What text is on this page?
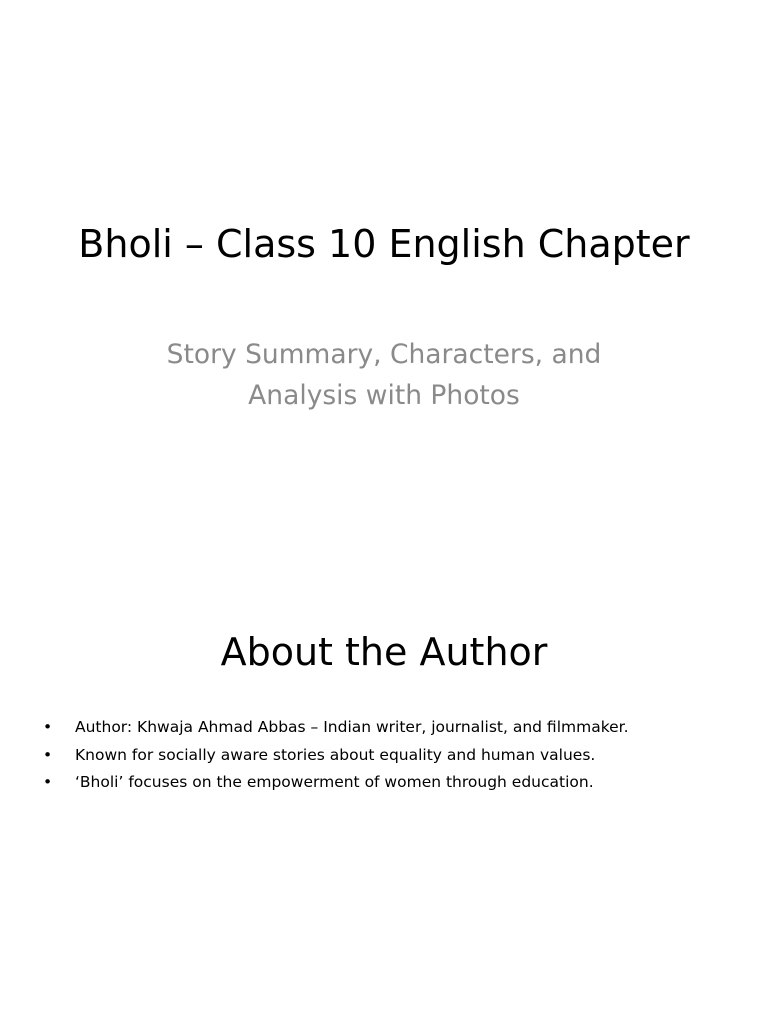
Bholi – Class 10 English Chapter
Story Summary, Characters, and
Analysis with Photos
About the Author
• Author: Khwaja Ahmad Abbas – Indian writer, journalist, and filmmaker.
• Known for socially aware stories about equality and human values.
• ‘Bholi’ focuses on the empowerment of women through education.
